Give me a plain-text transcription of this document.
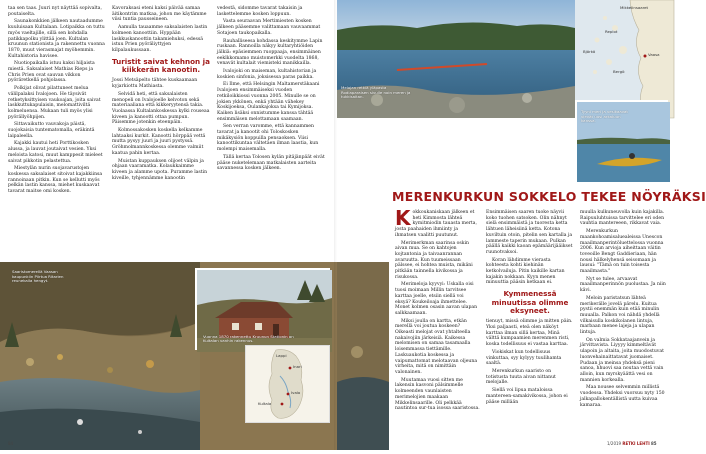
taa sen taas. Juuri nyt näyttää sopivalta, poutaiselta.

Saunakonkkien jälkeen nautaadumme kuuluisaan Kultalaan. Lotipaikka on tuttu myös vaeltajille, sillä sen kohdalla patikkapolku ylittää joen. Kultalan kruunun stationista ja rakennettu vuonna 1870, muut vierasmajat myöhemmin. Kultahistoria havisee.

Nuotiopaikalla istuu kaksi hiljaista miestä. Saksalaiset Mathias Rieps ja Chris Prien ovat sauvan vikkon pyöräretkellä pohjolassa.

Polkijat olivat pilattuneet melua välilpalaksi Ivalojoen. He täysivät retketyksittyisen vaukoajan, joita saivat laskkuttukapulaisin, melomattiviltä kolmeluensa. Mukaan tuli myös ylisi pyörällyöhpijen.

Sittavaikutto vauvakoja päistä, suojokaisia tuntematomalla, eräkintä laipaleella.

Kajakki kautui heti Porttikosken alussa, ja lauvat joutaivat vesien. Yksi meloista katosi, muut kamppesit mieleet saivat pikkotin pelastettua.

Miestylän nurin suojavarustojen koskessa saksalaiset sitoivat kajakkiinsa rannoinaan pitkin. Kun se kellutti myös pelkän lastin kanssa, miehet kuskaavat tavarat maitse omi kosken.

Kavoraksasi eteni kaksi päivää samaa äitikontrim matkaa, johon me käytämme viisi tuntia pausseineen.

Aamulla tauaamme saksalaisten lastin kolmeen kanoottiin. Hyppään laskkuskanoottin takamiehuksi, edessä istuu Prien pyöräliyttyjen kilpalaukussaan.

Turistit saivat kehnon ja kiikkerän kanootin.

Jossi Metsäpelto tähtee kuskaamaan kyjarkiottu Mathiasta.

Selvidä heti, että saksalaisten menopeli on Ivalojoelle kelvoton sekä materiaaliana että kikkeryytensä takia. Vuolaassa Kultalankoskessa kylki rouseaa kiveen ja kanootti ottaa pumpun. Päisemme jotenkin eteenpäin.

Kolmossakosken koskella kelkamme lahtaaksi kurkit. Kanootti hörppää vettä mutta pysyy juuri ja juuri pystyssä. Gröhmolmannkoskessa olemme valmiit kaatua pahin kertaa.

Muistan kuppauksen olijoet välpin ja ohjaan vaaramatka. Kolaukkaimme kiveen ja alamme upota. Puramme lastin kiveille, tyhjennämme kanootin

vedestä, sidomme tavarat takaisin ja laskettelemme kosken loppuun.

Vasta seuraavan Mertimiesten kosken jälkeen pääsemme valittamaan vauvaammat Sotajoen taukopaikalla.

Rauhalliseesa kohdassa keskitymme Lapin ruskaan. Rannoilla näkyy kultaryhtiöiden jälkiä: epäsiemmen ruoppaaja, ensimmäinen eeklkkomamo muistomerkki vuodelta 1868, venavät kultalait viemisteki manikkailla.

Ivalojoki on maiseman, kultahistorian ja koskien sinfonia, joksisessa paras paikka.

Ei Ilme, että Helsingin Maltamerstäkaani Ivalojoen ensimmäiseksi vuoden retkiloikkiossi vuonna 2005. Minulle se on jokien ykkönen, enkä yhtään vähekey Koskijoeksa, Oulankajoksa tai Kymijoksa. Kaiken lisäksi onnistumme kanssa tähtää ensimmäisen melottamaan saamaan.

Sen verran varomme, että kannammen tavarat ja kanootit ohi Toloskosken mikäkysiön koppuilla pensaoksen. Viisi kanoottikuntaa vältetäen ilman laastia, kun molempi maisemalla.

Tällä kertaa Tolosen kylän pitäjänpäät eivät pääse nuketelemaan matkalaisten aarteita savannessa kosken jälkeen.

Saaristomerellä Vaasan kaupunkiin Piirtua Ritarien reunekalla hengyt.
Vuonna 1870 rakennettu Kruunun Stationin on Kultalan vanhin rakennus.
Inari
Ivalo
Kultala
Lappi
84
Melojan retkiä yläpasta Rodiaparaisen sivulle noin meren ja tukkisaitan.
Mikkelinsaaret
Vaasa
Bergö
Replot
Björkö
Tyyni meri ja vesikaavat vievät uusi arkaluun kanssa.
MERENKURKUN SOKKELO TEKEE NÖYRÄKSI
K okkoukaniskaan jälkeen et heti Kimmosta lähteä kymitmiodin tauasta merta, josta paahaiden ihmiinty ja ihmatsen vaalitti puutunut.

Merimerkman saarinsa oskin aivan mua. Se on kahtojen kojtantonia ja taivaanrannan avaruutta. Kun tuumeissaan pälssee, ei hohtea muista, mikäni pitkään tainnella kivikossa ja risukossa.

Merimeloja kyyvyi: Uskalla oisi tuosi moimaan Millin tarvitsee karttaa joelle, etsiin siellä voi eksyä? Koukeiloaja ihmettelee. Monet kolmen osasin aavan ulapan salkkaamaan.

Miksi joulla on kartta, etkän merellä voi joutua koskeen? Oikeasti melojat ovat yhtalteella nakaivojiin järkeisiä. Kaikessa melomisen on samaa tasamaalla loisemmassa tiettämille. Laskuaukotia koskessa ja vaipumattomat melotaavan oljeuna virheita, mitä on nimittäin valonainen.

Muutamaa vuosi sitten me lakensin kasvoni pälsimmelle kolmeenden vaunlaisten merimelojien maakaan Mikkelinsaarille. Oli pelkkää nautintoa sur-tua isossa saaristossa.

Ensimmäisen saaren tuoke näyvii koko tuohen satsoken. Olin nähnyt sielä ensimmäistä ja tuoresta ketta lähtuen läheisiinä ketta. Kotona kuviltuin otoin, pitelin sen kartalla ja lammeste taperin mukaan. Pulkan päällä kaikki kaoan epämäärijääikset ruunotvaksoi.

Koran lähdimme vierasta kohteesta kohti kiehinän ketkolvailuja. Pitin kaikille kartan kajakin nokkaan. Kyyn menen minuuttia pääsin ketkaan ei.

Kymmenessä minuutissa olimme eksyneet.

tienuyt, missä olimme ja mitten päin. Yksi paljaasti, eteä olen näköyt karttaa ilman sillä kertaa, Minä välttä kumpaamien merenmen risti, koska todellisuus ei vastaa karttaa.

Viokiskat kun todellisuus vinkuttaa, syy kylyyy tuulihamta saaltä.

Merenkurkun saaristo on totistusta tuuta aivan nittanut melojalle.

Siellä voi lipua mataloissa mantereen-samakivikossa, johon ei pääse millään

muulla kulkuneuvolla kuin kajakilla. Raipuuluhtuissa tarvittelee eri oden vauhtia mantereeen, rikkavat vaia.

Merenkurkun maankohoamisaluealeissa Unescon maailmanperintöluettelossa vuonna 2006. Kun arvioja aiheittaan väitin toveoille Bengt Gaddieriaan, hän nousi hälkelyhensä seisomaan ja lausui: "Tämä on tuin toisesta maailmasta."

Nyt se tulee, arvaavat maailmanperinnön puolustaa. Ja niin kävi.

Meloin paristatsun lähteä merikerälle jovelä pärelu. Kuitua pystii enemmän kuin etää minulin muualla. Palkon voi nähdä yhdellä vilkaisulla koskikolanen lintuja, marbaan menee lajeja ja ulapan lintuja.

On valmia Sokkataajanvein ja järvittavista. Liyyyy kimmeltävät ulapoin ja altaita, joita muodostuvat luonvehainaittatavat juomaiset. Pudaan ja meinsa yhdeksä pieni sanoa, hhuovi saa noutaa vettä vain alloin, kun myrskyäättä vesi on mannien korkealla.

Maa nousee selvemmin millistä vuodessa. Yhdeksi vuorsuu nyty 150 jalkapallokentällistä uutta kuivaa kamaraa.

1/2019 RETKI LEHTI 85
